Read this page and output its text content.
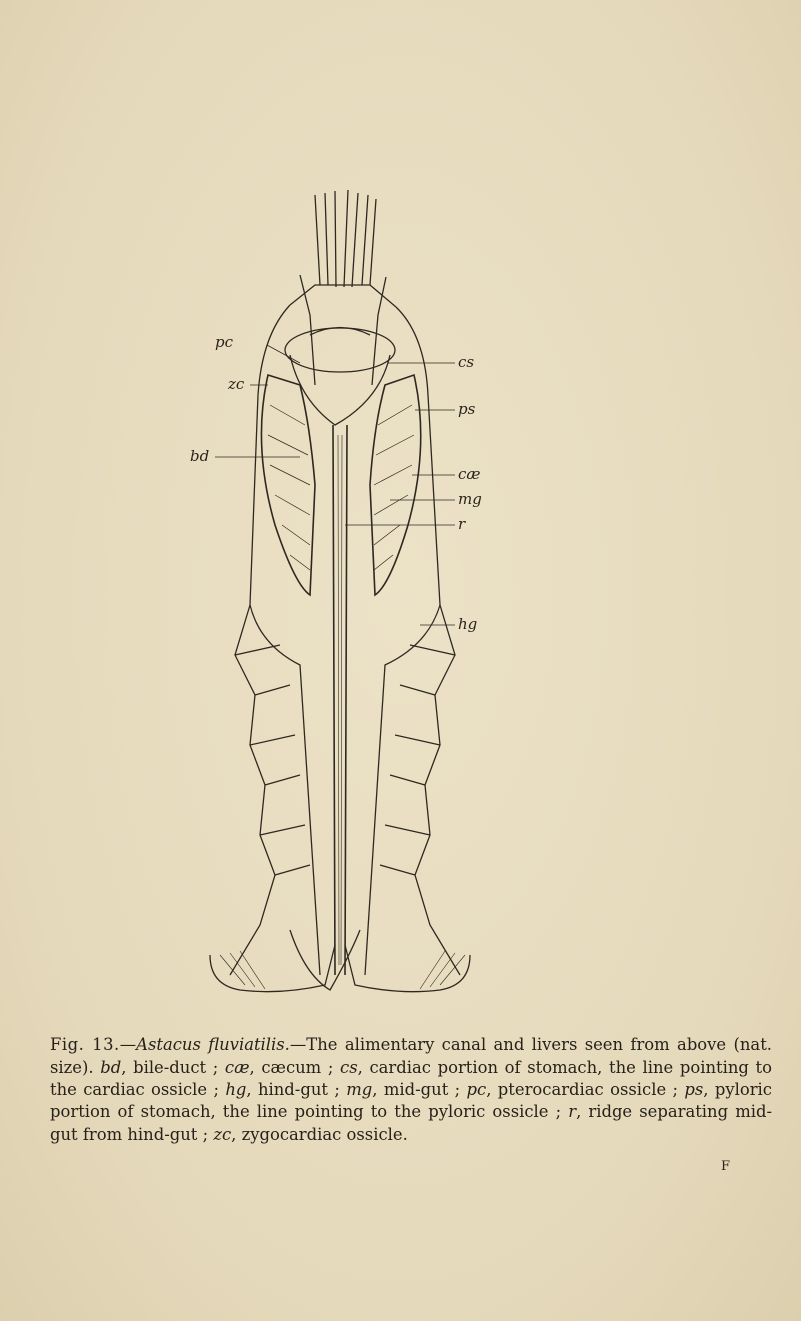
pc
zc
bd
cs
ps
cæ
mg
r
hg

Fig. 13.—Astacus fluviatilis.—The alimentary canal and livers seen from above (nat. size). bd, bile-duct ; cæ, cæcum ; cs, cardiac portion of stomach, the line pointing to the cardiac ossicle ; hg, hind-gut ; mg, mid-gut ; pc, pterocardiac ossicle ; ps, pyloric portion of stomach, the line pointing to the pyloric ossicle ; r, ridge separating mid-gut from hind-gut ; zc, zygocardiac ossicle.

F
